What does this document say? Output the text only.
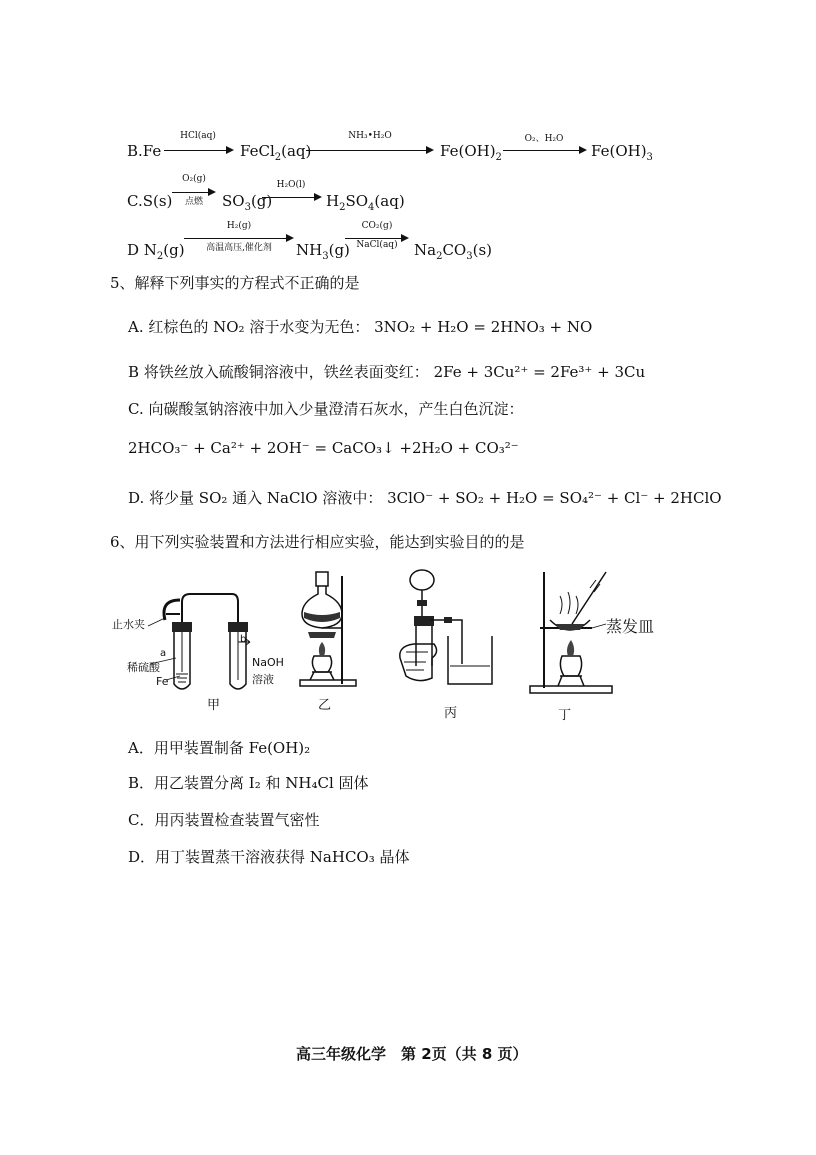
B.Fe
HCl(aq)
FeCl$_2$(aq)
NH₃•H₂O
$Fe(OH)_2$
O₂、H₂O
$Fe(OH)_3$
C.S(s)
O₂(g)
点燃	$SO_3(g)$
H₂O(l)
→ $H_2SO_4(aq)$
D $N_2(g)$
H₂(g)
高温高压,催化剂	$NH_3(g)$
CO₂(g)
NaCl(aq)	$Na_2CO_3(s)$
5、解释下列事实的方程式不正确的是
A. 红棕色的 NO₂ 溶于水变为无色： 3NO₂ + H₂O = 2HNO₃ + NO
B 将铁丝放入硫酸铜溶液中，铁丝表面变红： 2Fe + 3Cu²⁺ = 2Fe³⁺ + 3Cu
C. 向碳酸氢钠溶液中加入少量澄清石灰水，产生白色沉淀：
2HCO₃⁻ + Ca²⁺ + 2OH⁻ = CaCO₃↓ +2H₂O + CO₃²⁻
D. 将少量 SO₂ 通入 NaClO 溶液中： 3ClO⁻ + SO₂ + H₂O = SO₄²⁻ + Cl⁻ + 2HClO
6、用下列实验装置和方法进行相应实验，能达到实验目的的是
止水夹
a
稀硫酸
Fe
b
NaOH
溶液
甲	乙
丙
蒸发皿
丁
A．用甲装置制备 Fe(OH)₂
B．用乙装置分离 I₂ 和 NH₄Cl 固体
C．用丙装置检查装置气密性
D．用丁装置蒸干溶液获得 NaHCO₃ 晶体
高三年级化学　第 2页（共 8 页）
